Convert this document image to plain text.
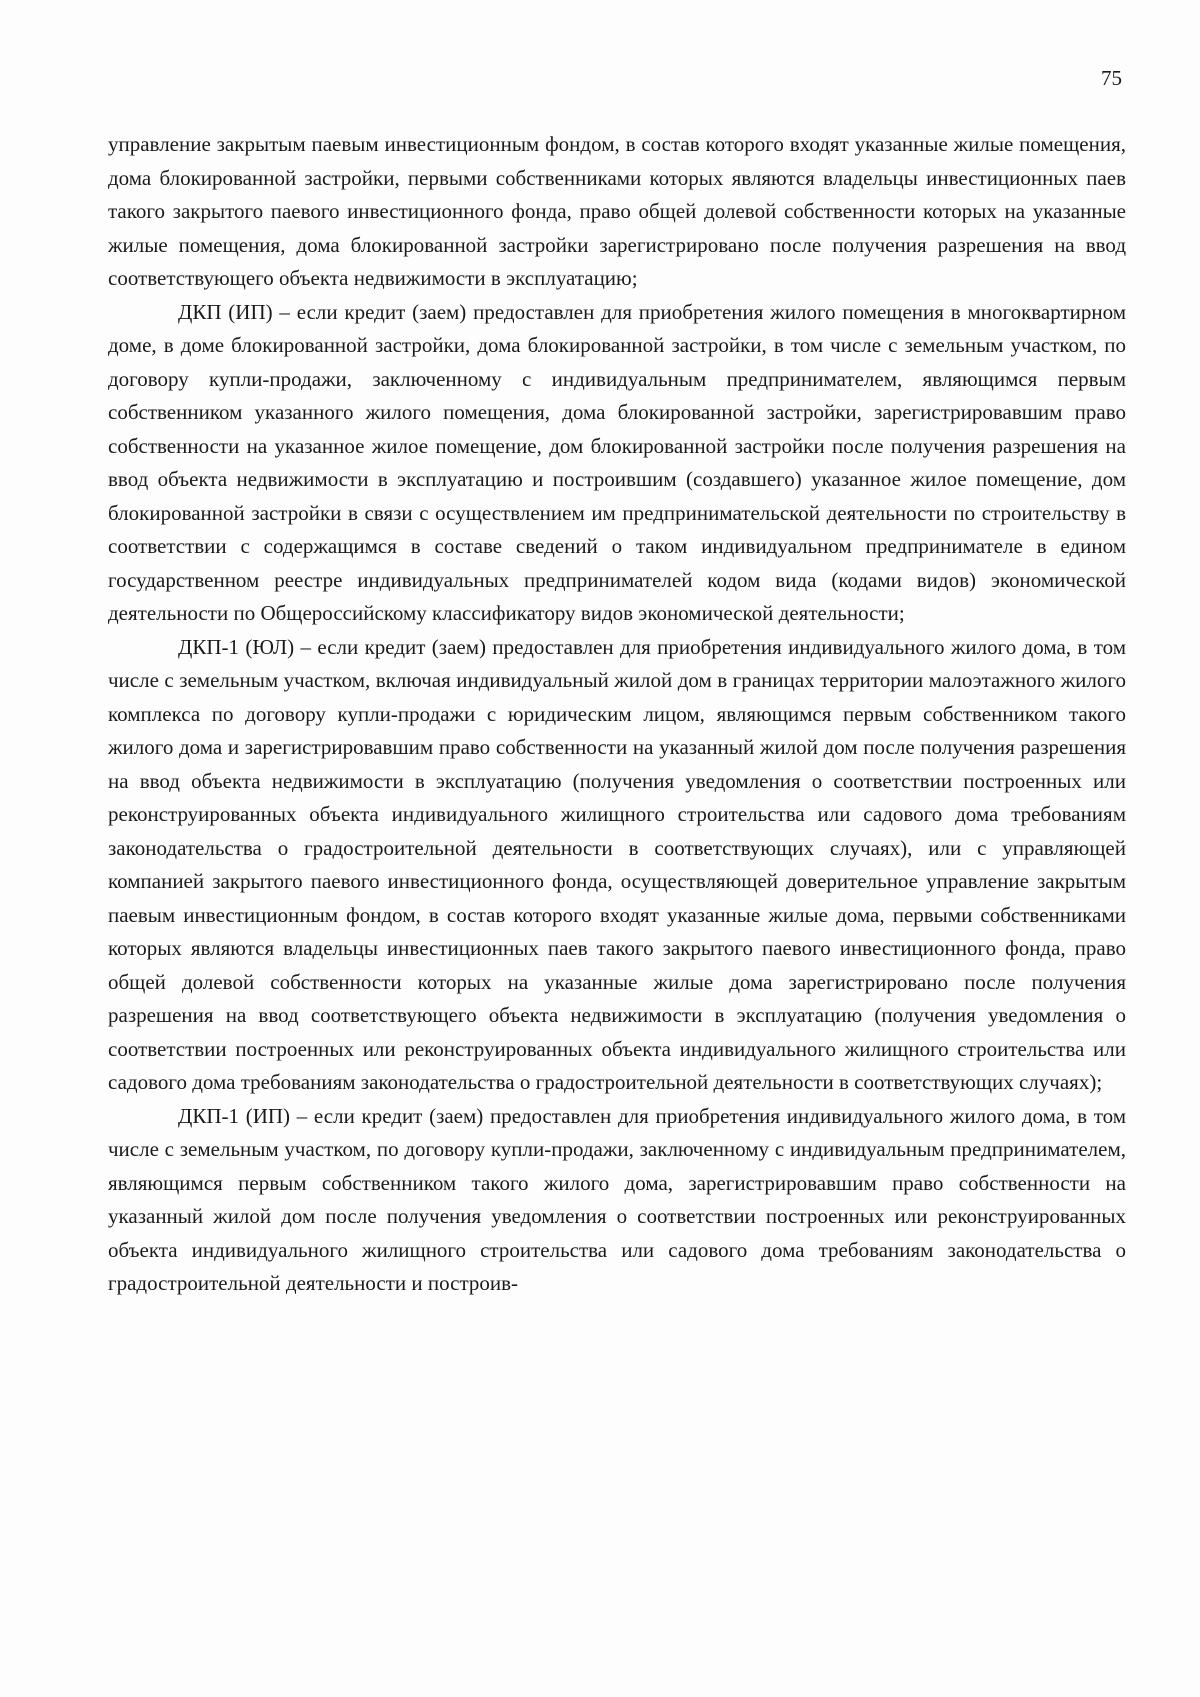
75

управление закрытым паевым инвестиционным фондом, в состав которого входят указанные жилые помещения, дома блокированной застройки, первыми собственниками которых являются владельцы инвестиционных паев такого закрытого паевого инвестиционного фонда, право общей долевой собственности которых на указанные жилые помещения, дома блокированной застройки зарегистрировано после получения разрешения на ввод соответствующего объекта недвижимости в эксплуатацию;

ДКП (ИП) – если кредит (заем) предоставлен для приобретения жилого помещения в многоквартирном доме, в доме блокированной застройки, дома блокированной застройки, в том числе с земельным участком, по договору купли-продажи, заключенному с индивидуальным предпринимателем, являющимся первым собственником указанного жилого помещения, дома блокированной застройки, зарегистрировавшим право собственности на указанное жилое помещение, дом блокированной застройки после получения разрешения на ввод объекта недвижимости в эксплуатацию и построившим (создавшего) указанное жилое помещение, дом блокированной застройки в связи с осуществлением им предпринимательской деятельности по строительству в соответствии с содержащимся в составе сведений о таком индивидуальном предпринимателе в едином государственном реестре индивидуальных предпринимателей кодом вида (кодами видов) экономической деятельности по Общероссийскому классификатору видов экономической деятельности;

ДКП-1 (ЮЛ) – если кредит (заем) предоставлен для приобретения индивидуального жилого дома, в том числе с земельным участком, включая индивидуальный жилой дом в границах территории малоэтажного жилого комплекса по договору купли-продажи с юридическим лицом, являющимся первым собственником такого жилого дома и зарегистрировавшим право собственности на указанный жилой дом после получения разрешения на ввод объекта недвижимости в эксплуатацию (получения уведомления о соответствии построенных или реконструированных объекта индивидуального жилищного строительства или садового дома требованиям законодательства о градостроительной деятельности в соответствующих случаях), или с управляющей компанией закрытого паевого инвестиционного фонда, осуществляющей доверительное управление закрытым паевым инвестиционным фондом, в состав которого входят указанные жилые дома, первыми собственниками которых являются владельцы инвестиционных паев такого закрытого паевого инвестиционного фонда, право общей долевой собственности которых на указанные жилые дома зарегистрировано после получения разрешения на ввод соответствующего объекта недвижимости в эксплуатацию (получения уведомления о соответствии построенных или реконструированных объекта индивидуального жилищного строительства или садового дома требованиям законодательства о градостроительной деятельности в соответствующих случаях);

ДКП-1 (ИП) – если кредит (заем) предоставлен для приобретения индивидуального жилого дома, в том числе с земельным участком, по договору купли-продажи, заключенному с индивидуальным предпринимателем, являющимся первым собственником такого жилого дома, зарегистрировавшим право собственности на указанный жилой дом после получения уведомления о соответствии построенных или реконструированных объекта индивидуального жилищного строительства или садового дома требованиям законодательства о градостроительной деятельности и построив-
